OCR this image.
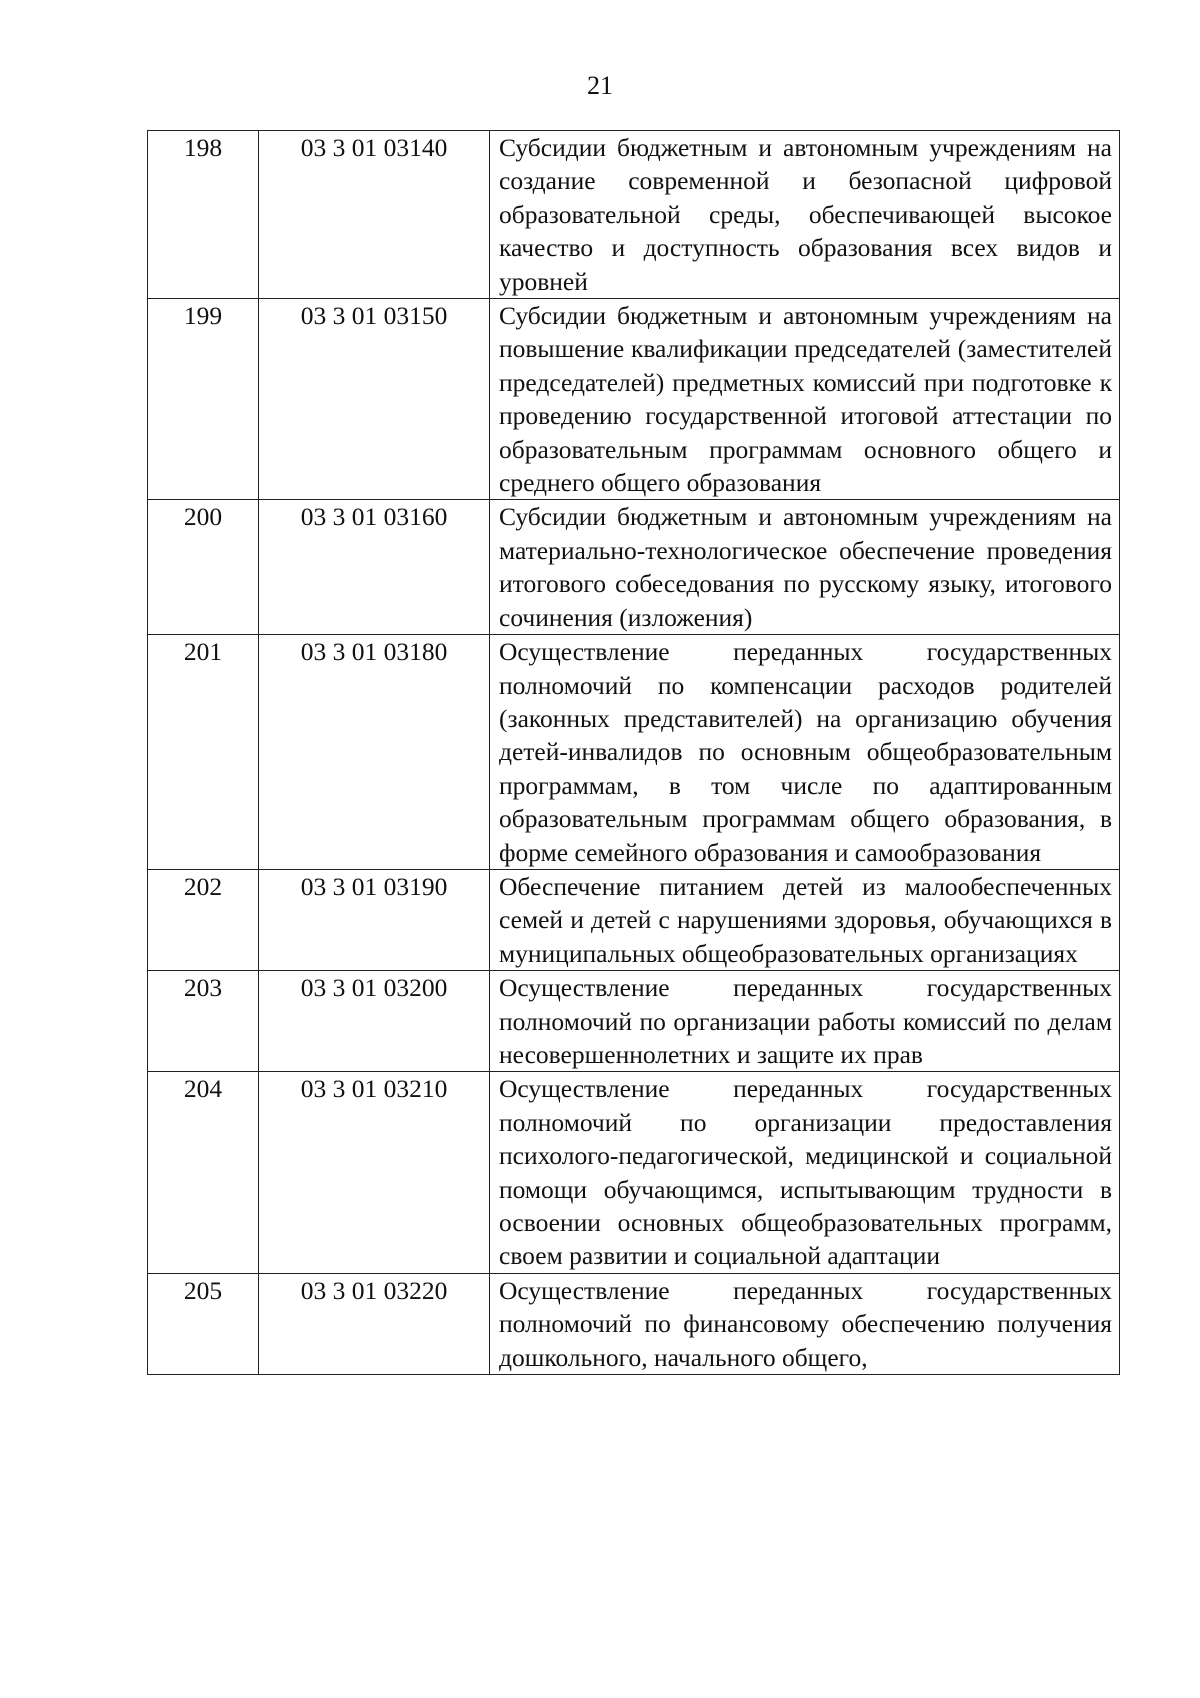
21
198	03 3 01 03140	Субсидии бюджетным и автономным учреждениям на создание современной и безопасной цифровой образовательной среды, обеспечивающей высокое качество и доступность образования всех видов и уровней
199	03 3 01 03150	Субсидии бюджетным и автономным учреждениям на повышение квалификации председателей (заместителей председателей) предметных комиссий при подготовке к проведению государственной итоговой аттестации по образовательным программам основного общего и среднего общего образования
200	03 3 01 03160	Субсидии бюджетным и автономным учреждениям на материально-технологическое обеспечение проведения итогового собеседования по русскому языку, итогового сочинения (изложения)
201	03 3 01 03180	Осуществление переданных государственных полномочий по компенсации расходов родителей (законных представителей) на организацию обучения детей-инвалидов по основным общеобразовательным программам, в том числе по адаптированным образовательным программам общего образования, в форме семейного образования и самообразования
202	03 3 01 03190	Обеспечение питанием детей из малообеспеченных семей и детей с нарушениями здоровья, обучающихся в муниципальных общеобразовательных организациях
203	03 3 01 03200	Осуществление переданных государственных полномочий по организации работы комиссий по делам несовершеннолетних и защите их прав
204	03 3 01 03210	Осуществление переданных государственных полномочий по организации предоставления психолого-педагогической, медицинской и социальной помощи обучающимся, испытывающим трудности в освоении основных общеобразовательных программ, своем развитии и социальной адаптации
205	03 3 01 03220	Осуществление переданных государственных полномочий по финансовому обеспечению получения дошкольного, начального общего,
